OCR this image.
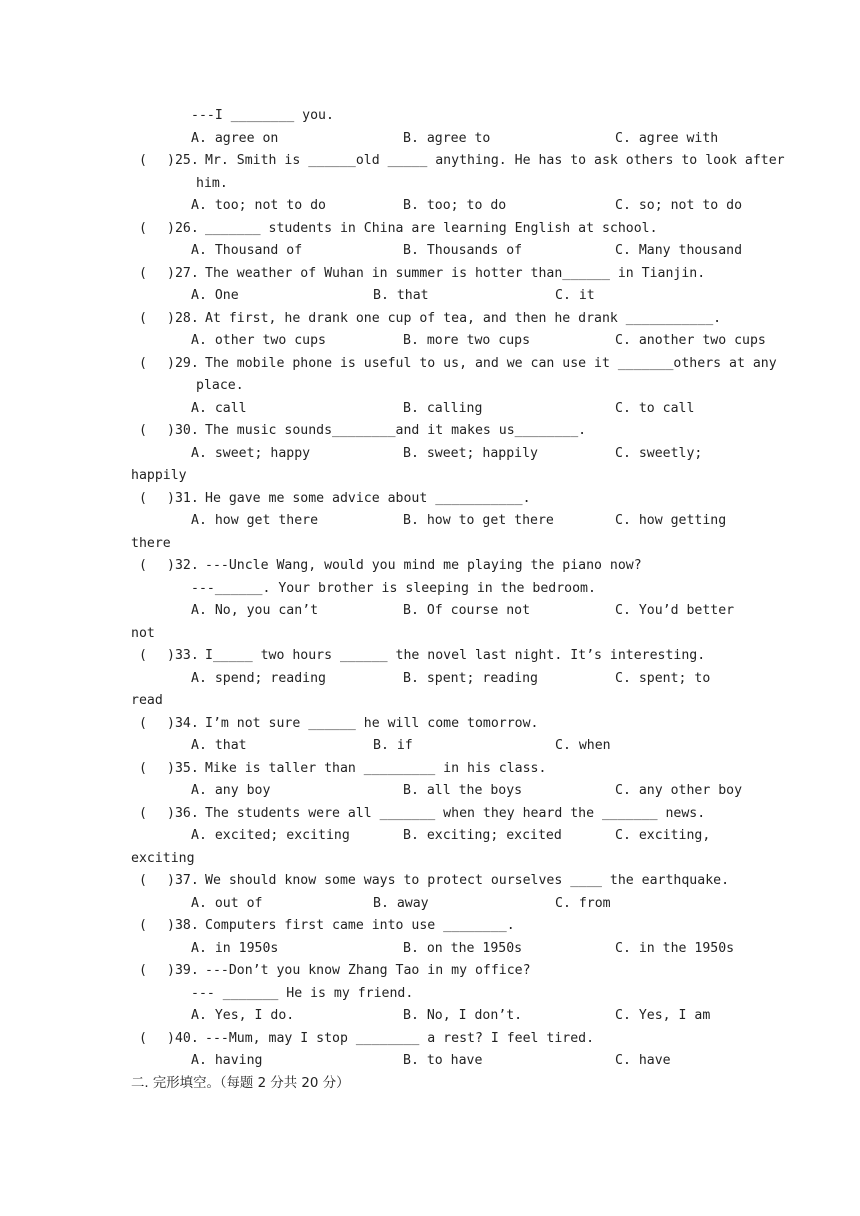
---I ________ you.
A. agree on	B. agree to	C. agree with
( )25. Mr. Smith is ______old _____ anything. He has to ask others to look after
him.
A. too; not to do	B. too; to do	C. so; not to do
( )26. _______ students in China are learning English at school.
A. Thousand of	B. Thousands of	C. Many thousand
( )27. The weather of Wuhan in summer is hotter than______ in Tianjin.
A. One	B. that	C. it
( )28. At first, he drank one cup of tea, and then he drank ___________.
A. other two cups	B. more two cups	C. another two cups
( )29. The mobile phone is useful to us, and we can use it _______others at any
place.
A. call	B. calling	C. to call
( )30. The music sounds________and it makes us________.
A. sweet; happy	B. sweet; happily	C. sweetly;
happily
( )31. He gave me some advice about ___________.
A. how get there	B. how to get there	C. how getting
there
( )32. ---Uncle Wang, would you mind me playing the piano now?
---______. Your brother is sleeping in the bedroom.
A. No, you can’t	B. Of course not	C. You’d better
not
( )33. I_____ two hours ______ the novel last night. It’s interesting.
A. spend; reading	B. spent; reading	C. spent; to
read
( )34. I’m not sure ______ he will come tomorrow.
A. that	B. if	C. when
( )35. Mike is taller than _________ in his class.
A. any boy	B. all the boys	C. any other boy
( )36. The students were all _______ when they heard the _______ news.
A. excited; exciting	B. exciting; excited	C. exciting,
exciting
( )37. We should know some ways to protect ourselves ____ the earthquake.
A. out of	B. away	C. from
( )38. Computers first came into use ________.
A. in 1950s	B. on the 1950s	C. in the 1950s
( )39. ---Don’t you know Zhang Tao in my office?
--- _______ He is my friend.
A. Yes, I do.	B. No, I don’t.	C. Yes, I am
( )40. ---Mum, may I stop ________ a rest? I feel tired.
A. having	B. to have	C. have
二. 完形填空。（每题 2 分共 20 分）
